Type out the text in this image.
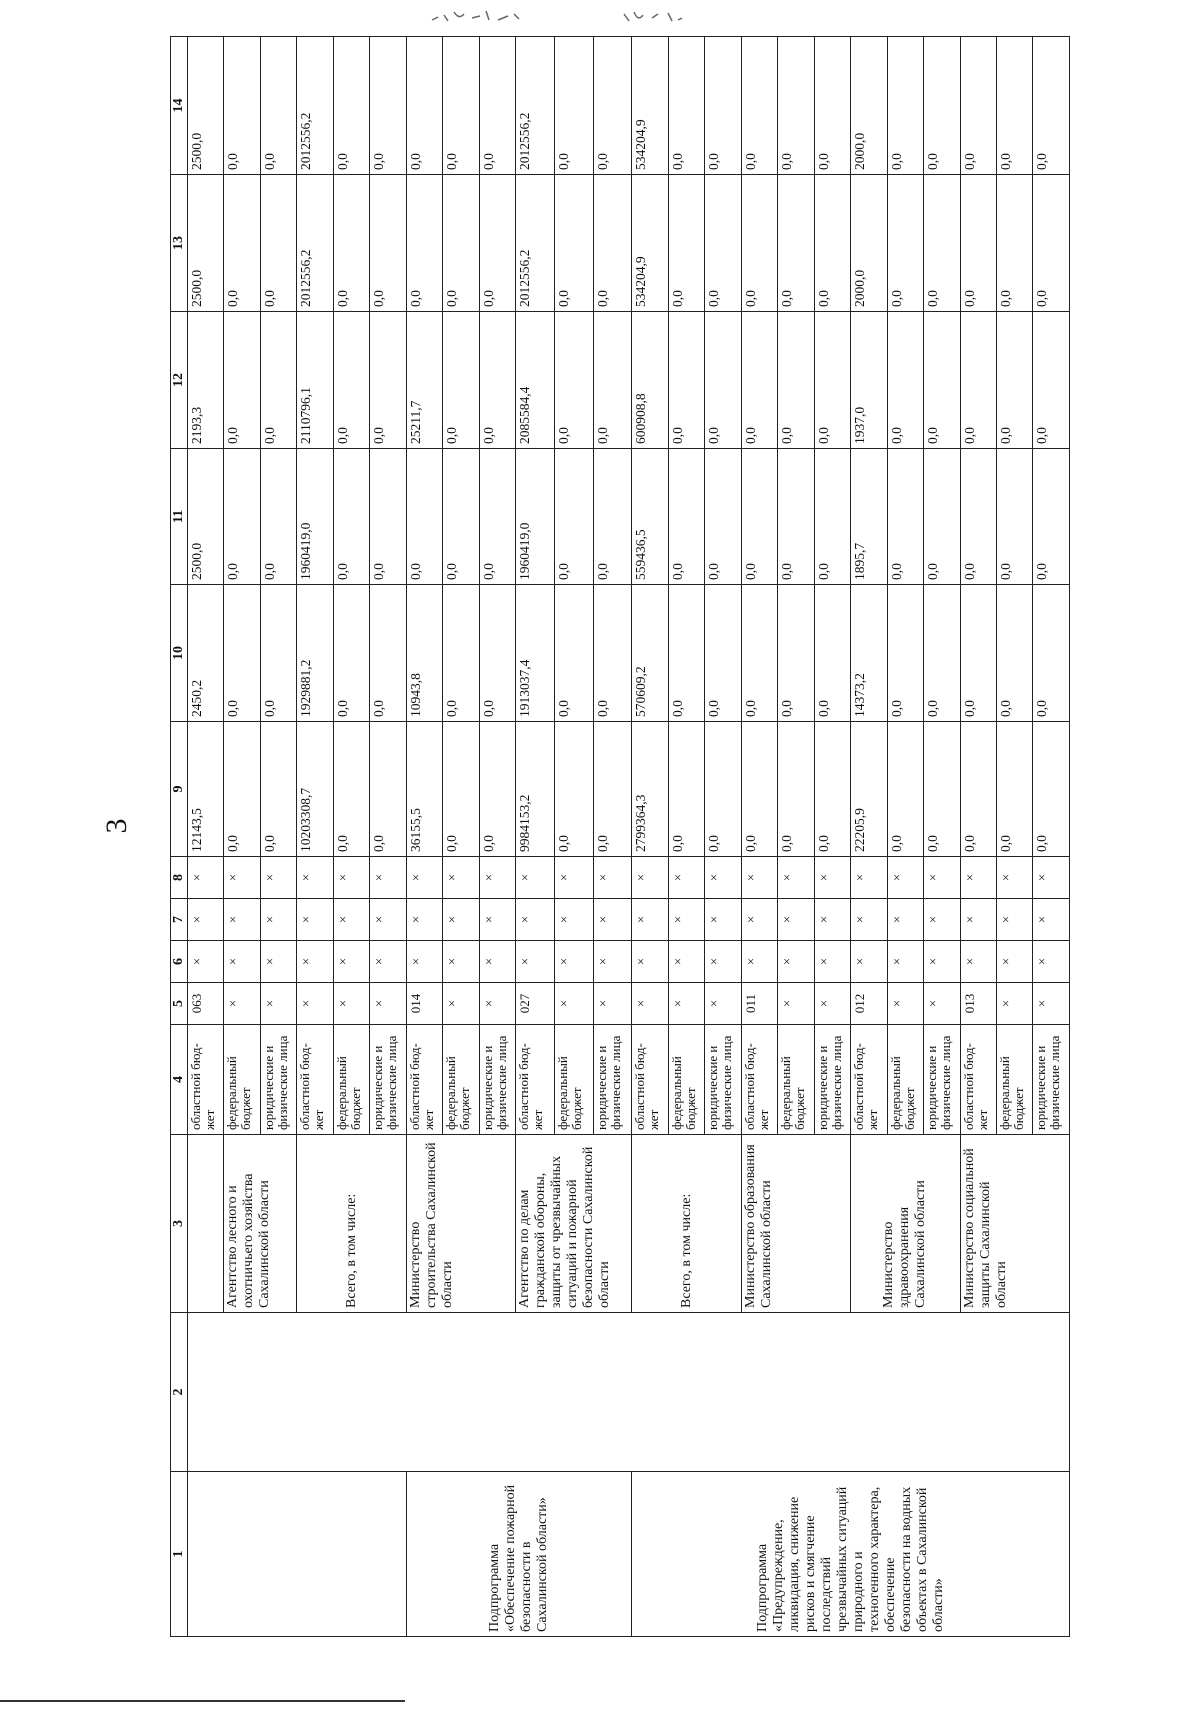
3
1	2	3	4	5	6	7	8	9	10	11	12	13	14
			областной бюд-жет	063	×	×	×	12143,5	2450,2	2500,0	2193,3	2500,0	2500,0
		Агентство лесного и охотничьего хозяйства Сахалинской области	федеральный бюджет	×	×	×	×	0,0	0,0	0,0	0,0	0,0	0,0
			юридические и физические лица	×	×	×	×	0,0	0,0	0,0	0,0	0,0	0,0
		Всего, в том числе:	областной бюд-жет	×	×	×	×	10203308,7	1929881,2	1960419,0	2110796,1	2012556,2	2012556,2
			федеральный бюджет	×	×	×	×	0,0	0,0	0,0	0,0	0,0	0,0
			юридические и физические лица	×	×	×	×	0,0	0,0	0,0	0,0	0,0	0,0
Подпрограмма «Обеспечение пожарной безопасности в Сахалинской области»		Министерство строительства Сахалинской области	областной бюд-жет	014	×	×	×	36155,5	10943,8	0,0	25211,7	0,0	0,0
			федеральный бюджет	×	×	×	×	0,0	0,0	0,0	0,0	0,0	0,0
			юридические и физические лица	×	×	×	×	0,0	0,0	0,0	0,0	0,0	0,0
		Агентство по делам гражданской обороны, защиты от чрезвычайных ситуаций и пожарной безопасности Сахалинской области	областной бюд-жет	027	×	×	×	9984153,2	1913037,4	1960419,0	2085584,4	2012556,2	2012556,2
			федеральный бюджет	×	×	×	×	0,0	0,0	0,0	0,0	0,0	0,0
			юридические и физические лица	×	×	×	×	0,0	0,0	0,0	0,0	0,0	0,0
Подпрограмма «Предупреждение, ликвидация, снижение рисков и смягчение последствий чрезвычайных ситуаций природного и техногенного характера, обеспечение безопасности на водных объектах в Сахалинской области»		Всего, в том числе:	областной бюд-жет	×	×	×	×	2799364,3	570609,2	559436,5	600908,8	534204,9	534204,9
			федеральный бюджет	×	×	×	×	0,0	0,0	0,0	0,0	0,0	0,0
			юридические и физические лица	×	×	×	×	0,0	0,0	0,0	0,0	0,0	0,0
		Министерство образования Сахалинской области	областной бюд-жет	011	×	×	×	0,0	0,0	0,0	0,0	0,0	0,0
			федеральный бюджет	×	×	×	×	0,0	0,0	0,0	0,0	0,0	0,0
			юридические и физические лица	×	×	×	×	0,0	0,0	0,0	0,0	0,0	0,0
		Министерство здравоохранения Сахалинской области	областной бюд-жет	012	×	×	×	22205,9	14373,2	1895,7	1937,0	2000,0	2000,0
			федеральный бюджет	×	×	×	×	0,0	0,0	0,0	0,0	0,0	0,0
			юридические и физические лица	×	×	×	×	0,0	0,0	0,0	0,0	0,0	0,0
		Министерство социальной защиты Сахалинской области	областной бюд-жет	013	×	×	×	0,0	0,0	0,0	0,0	0,0	0,0
			федеральный бюджет	×	×	×	×	0,0	0,0	0,0	0,0	0,0	0,0
			юридические и физические лица	×	×	×	×	0,0	0,0	0,0	0,0	0,0	0,0
